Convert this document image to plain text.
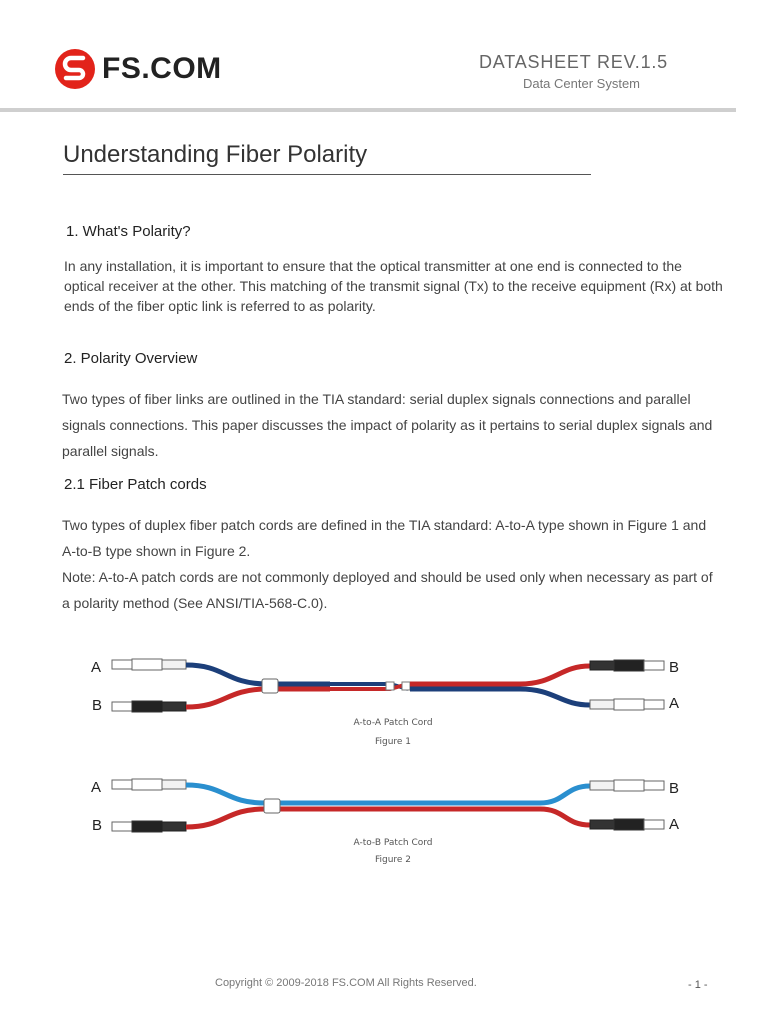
FS.COM	DATASHEET REV.1.5
Data Center System
Understanding Fiber Polarity
1. What's Polarity?
In any installation, it is important to ensure that the optical transmitter at one end is connected to the optical receiver at the other. This matching of the transmit signal (Tx) to the receive equipment (Rx) at both ends of the fiber optic link is referred to as polarity.
2. Polarity Overview
Two types of fiber links are outlined in the TIA standard: serial duplex signals connections and parallel signals connections. This paper discusses the impact of polarity as it pertains to serial duplex signals and parallel signals.
2.1 Fiber Patch cords
Two types of duplex fiber patch cords are defined in the TIA standard: A-to-A type shown in Figure 1 and A-to-B type shown in Figure 2.
Note: A-to-A patch cords are not commonly deployed and should be used only when necessary as part of a polarity method (See ANSI/TIA-568-C.0).
A
B
B
A
A-to-A Patch Cord
Figure 1
A
B
B
A
A-to-B Patch Cord
Figure 2
Copyright © 2009-2018 FS.COM All Rights Reserved.	- 1 -
